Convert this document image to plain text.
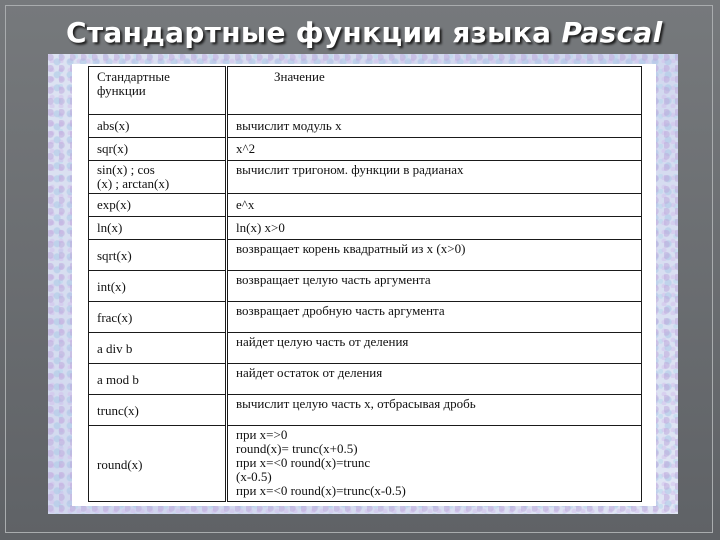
Стандартные функции языка Pascal
Стандартные
функции	Значение
abs(x)	вычислит модуль x
sqr(x)	x^2
sin(x) ; cos
(x) ; arctan(x)	вычислит тригоном. функции в радианах
exp(x)	e^x
ln(x)	ln(x) x>0
sqrt(x)	возвращает корень квадратный из x (x>0)
int(x)	возвращает целую часть аргумента
frac(x)	возвращает дробную часть аргумента
a div b	найдет целую часть от деления
a mod b	найдет остаток от деления
trunc(x)	вычислит целую часть x, отбрасывая дробь
round(x)	при x=>0
round(x)= trunc(x+0.5)
при x=<0 round(x)=trunc
(x-0.5)
при x=<0 round(x)=trunc(x-0.5)
